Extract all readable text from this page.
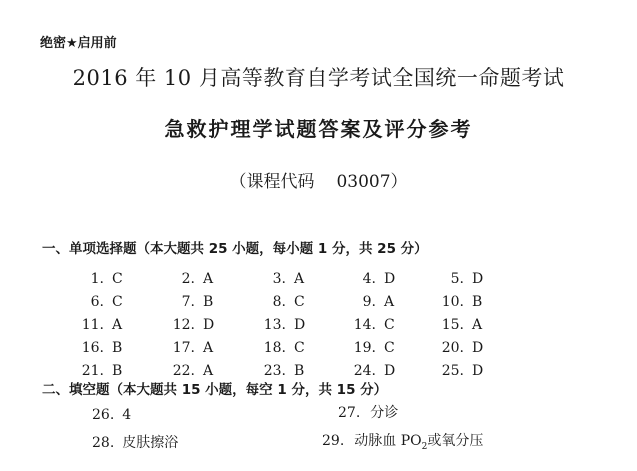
绝密★启用前
2016 年 10 月高等教育自学考试全国统一命题考试
急救护理学试题答案及评分参考
（课程代码 03007）
一、单项选择题（本大题共 25 小题，每小题 1 分，共 25 分）
1. C	2. A	3. A	4. D	5. D
6. C	7. B	8. C	9. A	10. B
11. A	12. D	13. D	14. C	15. A
16. B	17. A	18. C	19. C	20. D
21. B	22. A	23. B	24. D	25. D
二、填空题（本大题共 15 小题，每空 1 分，共 15 分）
26. 4	27. 分诊
28. 皮肤擦浴	29. 动脉血 $PO_2$或氧分压
